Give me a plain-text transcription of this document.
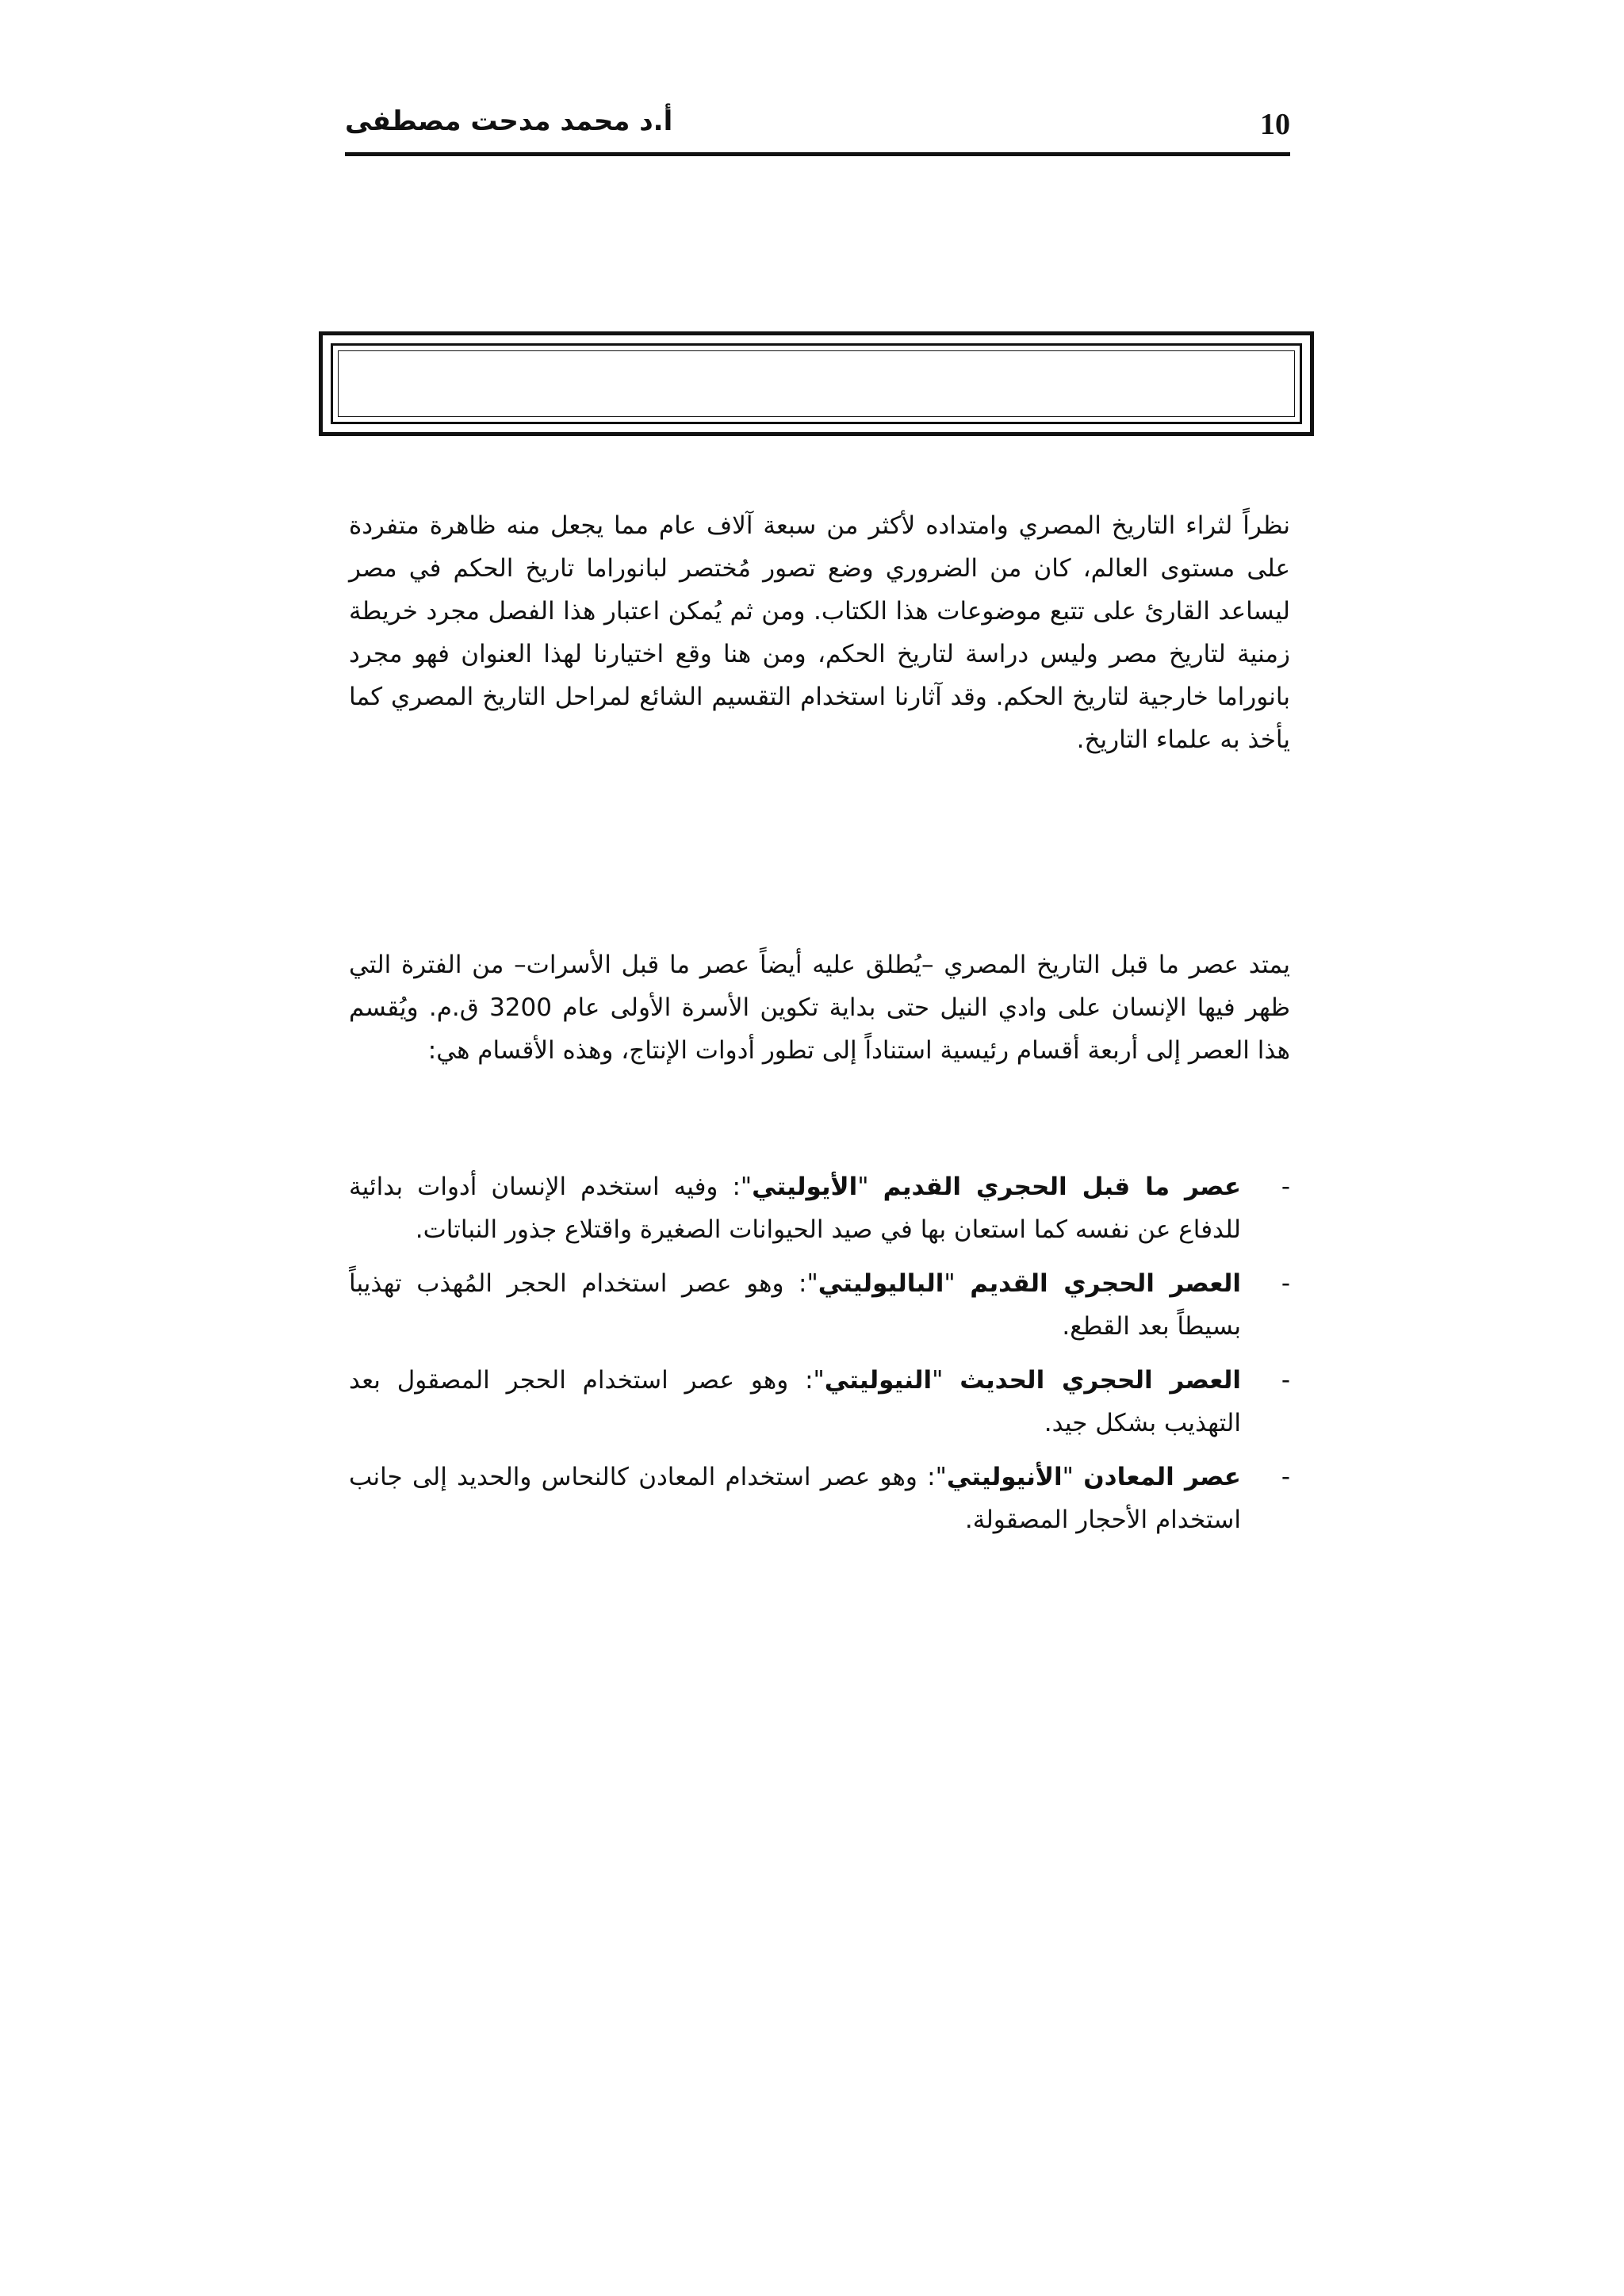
10
أ.د محمد مدحت مصطفى

نظراً لثراء التاريخ المصري وامتداده لأكثر من سبعة آلاف عام مما يجعل منه ظاهرة متفردة على مستوى العالم، كان من الضروري وضع تصور مُختصر لبانوراما تاريخ الحكم في مصر ليساعد القارئ على تتبع موضوعات هذا الكتاب. ومن ثم يُمكن اعتبار هذا الفصل مجرد خريطة زمنية لتاريخ مصر وليس دراسة لتاريخ الحكم، ومن هنا وقع اختيارنا لهذا العنوان فهو مجرد بانوراما خارجية لتاريخ الحكم. وقد آثارنا استخدام التقسيم الشائع لمراحل التاريخ المصري كما يأخذ به علماء التاريخ.

يمتد عصر ما قبل التاريخ المصري –يُطلق عليه أيضاً عصر ما قبل الأسرات– من الفترة التي ظهر فيها الإنسان على وادي النيل حتى بداية تكوين الأسرة الأولى عام 3200 ق.م. ويُقسم هذا العصر إلى أربعة أقسام رئيسية استناداً إلى تطور أدوات الإنتاج، وهذه الأقسام هي:

-
عصر ما قبل الحجري القديم "الأيوليتي": وفيه استخدم الإنسان أدوات بدائية للدفاع عن نفسه كما استعان بها في صيد الحيوانات الصغيرة واقتلاع جذور النباتات.
-
العصر الحجري القديم "الباليوليتي": وهو عصر استخدام الحجر المُهذب تهذيباً بسيطاً بعد القطع.
-
العصر الحجري الحديث "النيوليتي": وهو عصر استخدام الحجر المصقول بعد التهذيب بشكل جيد.
-
عصر المعادن "الأنيوليتي": وهو عصر استخدام المعادن كالنحاس والحديد إلى جانب استخدام الأحجار المصقولة.
